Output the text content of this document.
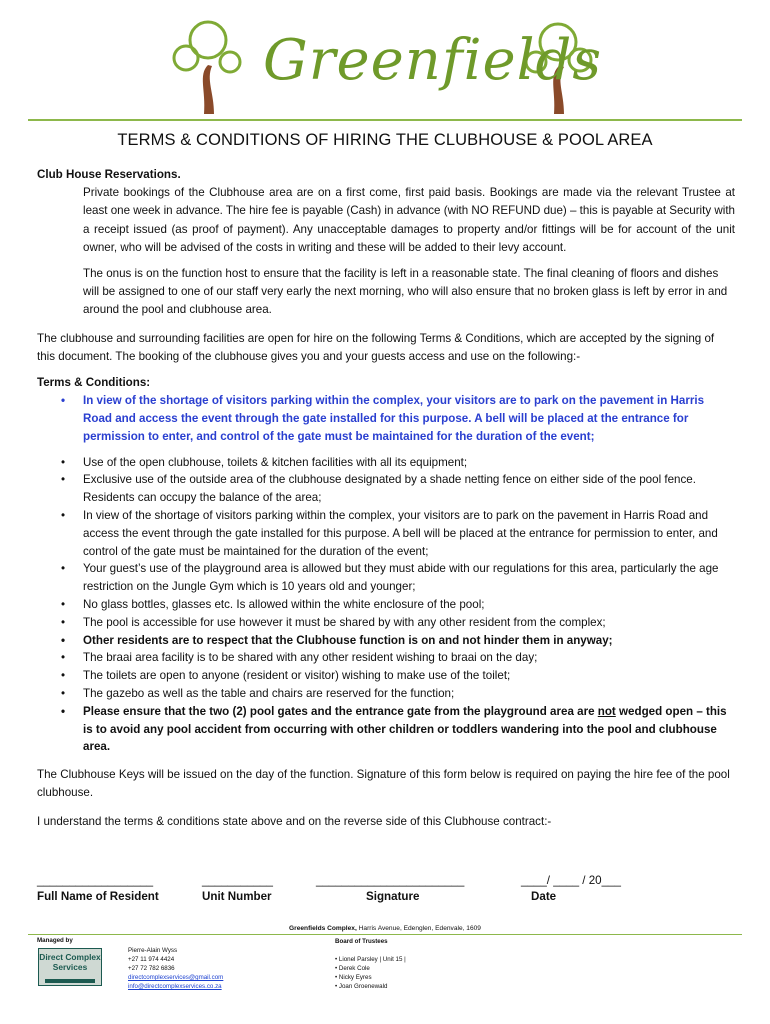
Greenfields
TERMS & CONDITIONS OF HIRING THE CLUBHOUSE & POOL AREA
Club House Reservations.
Private bookings of the Clubhouse area are on a first come, first paid basis. Bookings are made via the relevant Trustee at least one week in advance. The hire fee is payable (Cash) in advance (with NO REFUND due) – this is payable at Security with a receipt issued (as proof of payment). Any unacceptable damages to property and/or fittings will be for account of the unit owner, who will be advised of the costs in writing and these will be added to their levy account.
The onus is on the function host to ensure that the facility is left in a reasonable state. The final cleaning of floors and dishes will be assigned to one of our staff very early the next morning, who will also ensure that no broken glass is left by error in and around the pool and clubhouse area.
The clubhouse and surrounding facilities are open for hire on the following Terms & Conditions, which are accepted by the signing of this document. The booking of the clubhouse gives you and your guests access and use on the following:-
Terms & Conditions:
• In view of the shortage of visitors parking within the complex, your visitors are to park on the pavement in Harris Road and access the event through the gate installed for this purpose. A bell will be placed at the entrance for permission to enter, and control of the gate must be maintained for the duration of the event;
• Use of the open clubhouse, toilets & kitchen facilities with all its equipment;
• Exclusive use of the outside area of the clubhouse designated by a shade netting fence on either side of the pool fence. Residents can occupy the balance of the area;
• In view of the shortage of visitors parking within the complex, your visitors are to park on the pavement in Harris Road and access the event through the gate installed for this purpose. A bell will be placed at the entrance for permission to enter, and control of the gate must be maintained for the duration of the event;
• Your guest’s use of the playground area is allowed but they must abide with our regulations for this area, particularly the age restriction on the Jungle Gym which is 10 years old and younger;
• No glass bottles, glasses etc. Is allowed within the white enclosure of the pool;
• The pool is accessible for use however it must be shared by with any other resident from the complex;
• Other residents are to respect that the Clubhouse function is on and not hinder them in anyway;
• The braai area facility is to be shared with any other resident wishing to braai on the day;
• The toilets are open to anyone (resident or visitor) wishing to make use of the toilet;
• The gazebo as well as the table and chairs are reserved for the function;
• Please ensure that the two (2) pool gates and the entrance gate from the playground area are not wedged open – this is to avoid any pool accident from occurring with other children or toddlers wandering into the pool and clubhouse area.
The Clubhouse Keys will be issued on the day of the function. Signature of this form below is required on paying the hire fee of the pool clubhouse.
I understand the terms & conditions state above and on the reverse side of this Clubhouse contract:-
__________________
Full Name of Resident
___________
Unit Number
_______________________
Signature
____/ ____ / 20___
Date
Greenfields Complex, Harris Avenue, Edenglen, Edenvale, 1609
Managed by
Direct Complex
Services
Pierre-Alain Wyss
+27 11 974 4424
+27 72 782 6836
directcomplexservices@gmail.com
info@directcomplexservices.co.za
Board of Trustees
• Lionel Parsley | Unit 15 |
• Derek Cole
• Nicky Eyres
• Joan Groenewald
